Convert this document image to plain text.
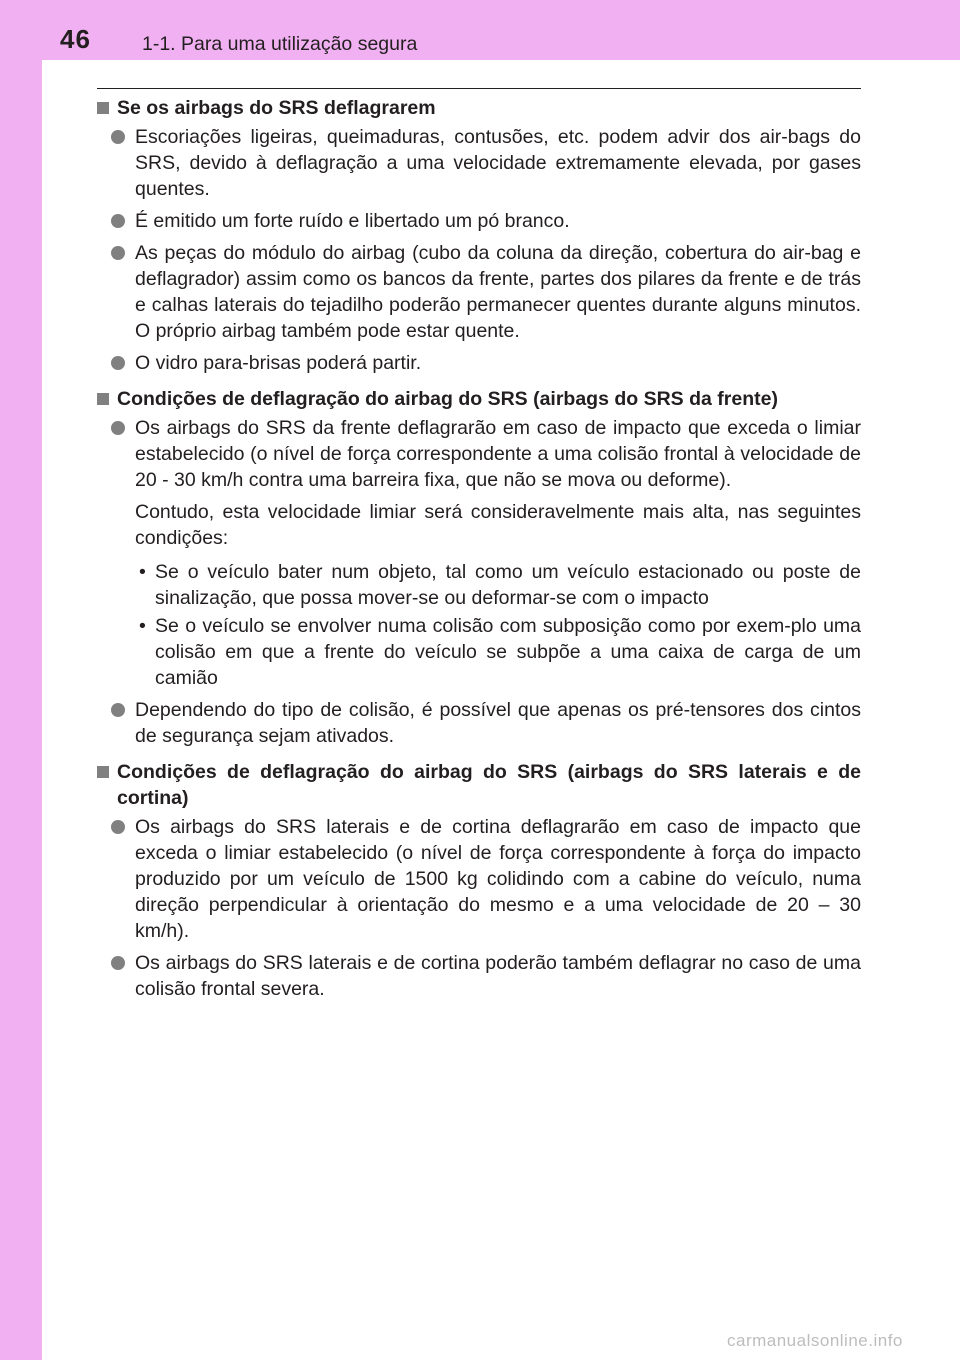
46	1-1. Para uma utilização segura
Se os airbags do SRS deflagrarem
Escoriações ligeiras, queimaduras, contusões, etc. podem advir dos air-bags do SRS, devido à deflagração a uma velocidade extremamente elevada, por gases quentes.
É emitido um forte ruído e libertado um pó branco.
As peças do módulo do airbag (cubo da coluna da direção, cobertura do air-bag e deflagrador) assim como os bancos da frente, partes dos pilares da frente e de trás e calhas laterais do tejadilho poderão permanecer quentes durante alguns minutos. O próprio airbag também pode estar quente.
O vidro para-brisas poderá partir.
Condições de deflagração do airbag do SRS (airbags do SRS da frente)
Os airbags do SRS da frente deflagrarão em caso de impacto que exceda o limiar estabelecido (o nível de força correspondente a uma colisão frontal à velocidade de 20 - 30 km/h contra uma barreira fixa, que não se mova ou deforme).
Contudo, esta velocidade limiar será consideravelmente mais alta, nas seguintes condições:
• Se o veículo bater num objeto, tal como um veículo estacionado ou poste de sinalização, que possa mover-se ou deformar-se com o impacto
• Se o veículo se envolver numa colisão com subposição como por exem-plo uma colisão em que a frente do veículo se subpõe a uma caixa de carga de um camião
Dependendo do tipo de colisão, é possível que apenas os pré-tensores dos cintos de segurança sejam ativados.
Condições de deflagração do airbag do SRS (airbags do SRS laterais e de cortina)
Os airbags do SRS laterais e de cortina deflagrarão em caso de impacto que exceda o limiar estabelecido (o nível de força correspondente à força do impacto produzido por um veículo de 1500 kg colidindo com a cabine do veículo, numa direção perpendicular à orientação do mesmo e a uma velocidade de 20 – 30 km/h).
Os airbags do SRS laterais e de cortina poderão também deflagrar no caso de uma colisão frontal severa.
carmanualsonline.info
